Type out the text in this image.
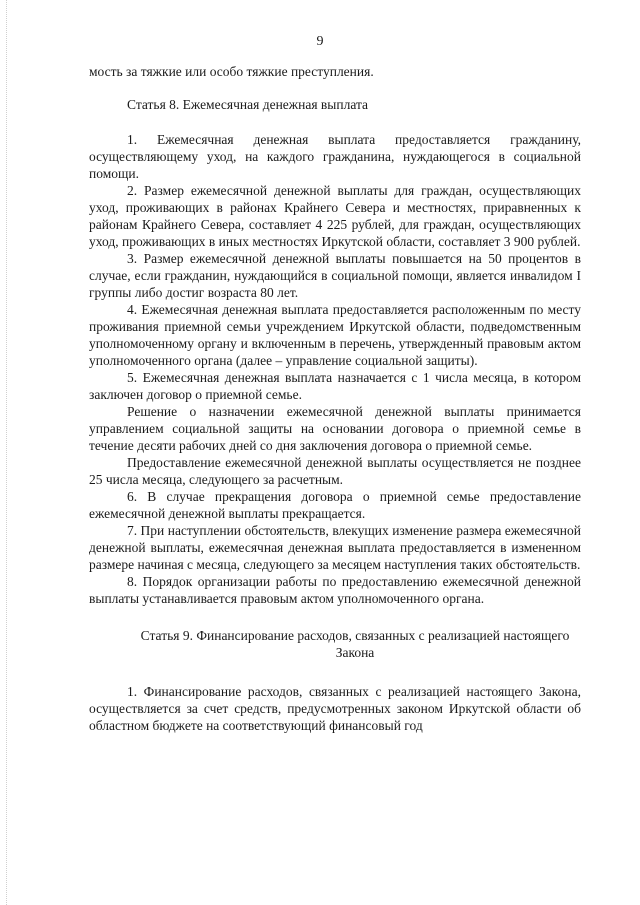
9

мость за тяжкие или особо тяжкие преступления.

Статья 8. Ежемесячная денежная выплата

1. Ежемесячная денежная выплата предоставляется гражданину, осуществляющему уход, на каждого гражданина, нуждающегося в социальной помощи.

2. Размер ежемесячной денежной выплаты для граждан, осуществляющих уход, проживающих в районах Крайнего Севера и местностях, приравненных к районам Крайнего Севера, составляет 4 225 рублей, для граждан, осуществляющих уход, проживающих в иных местностях Иркутской области, составляет 3 900 рублей.

3. Размер ежемесячной денежной выплаты повышается на 50 процентов в случае, если гражданин, нуждающийся в социальной помощи, является инвалидом I группы либо достиг возраста 80 лет.

4. Ежемесячная денежная выплата предоставляется расположенным по месту проживания приемной семьи учреждением Иркутской области, подведомственным уполномоченному органу и включенным в перечень, утвержденный правовым актом уполномоченного органа (далее – управление социальной защиты).

5. Ежемесячная денежная выплата назначается с 1 числа месяца, в котором заключен договор о приемной семье.

Решение о назначении ежемесячной денежной выплаты принимается управлением социальной защиты на основании договора о приемной семье в течение десяти рабочих дней со дня заключения договора о приемной семье.

Предоставление ежемесячной денежной выплаты осуществляется не позднее 25 числа месяца, следующего за расчетным.

6. В случае прекращения договора о приемной семье предоставление ежемесячной денежной выплаты прекращается.

7. При наступлении обстоятельств, влекущих изменение размера ежемесячной денежной выплаты, ежемесячная денежная выплата предоставляется в измененном размере начиная с месяца, следующего за месяцем наступления таких обстоятельств.

8. Порядок организации работы по предоставлению ежемесячной денежной выплаты устанавливается правовым актом уполномоченного органа.

Статья 9. Финансирование расходов, связанных с реализацией настоящего Закона

1. Финансирование расходов, связанных с реализацией настоящего Закона, осуществляется за счет средств, предусмотренных законом Иркутской области об областном бюджете на соответствующий финансовый год
